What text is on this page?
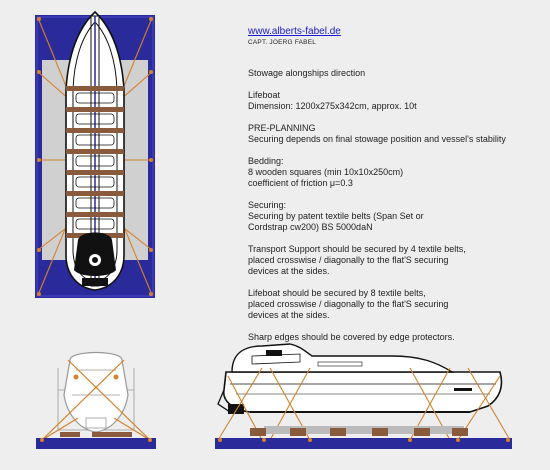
www.alberts-fabel.de
CAPT. JOERG FABEL

Stowage alongships direction

Lifeboat
Dimension: 1200x275x342cm, approx. 10t

PRE-PLANNING
Securing depends on final stowage position and vessel's stability

Bedding:
8 wooden squares (min 10x10x250cm)
coefficient of friction μ=0.3

Securing:
Securing by patent textile belts (Span Set or
Cordstrap cw200) BS 5000daN

Transport Support should be secured by 4 textile belts,
placed crosswise / diagonally to the flat'S securing
devices at the sides.

Lifeboat should be secured by 8 textile belts,
placed crosswise / diagonally to the flat'S securing
devices at the sides.

Sharp edges should be covered by edge protectors.
